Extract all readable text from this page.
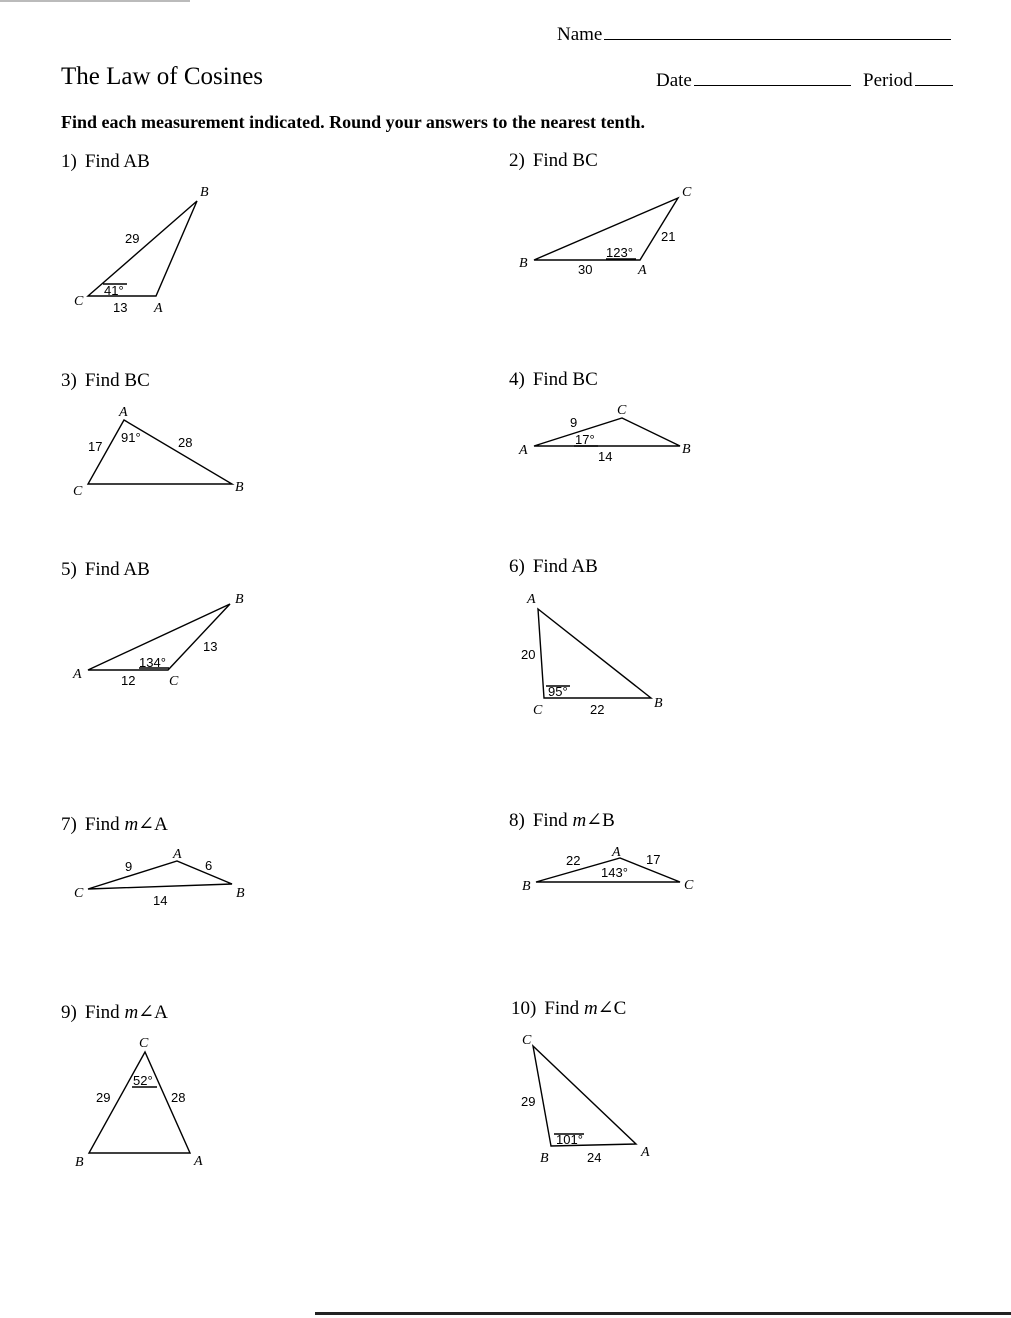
Name
The Law of Cosines	Date	Period
Find each measurement indicated. Round your answers to the nearest tenth.
1) Find AB	2) Find BC
3) Find BC	4) Find BC
5) Find AB	6) Find AB
7) Find m∠A	8) Find m∠B
9) Find m∠A	10) Find m∠C
B
C	A
29
41°
13
C
B	A
21
123°
30
A
C	B
17
91°	28
C
A	B
9
17°
14
B
A	C
13
134°
12
A
C	B
20
95°
22
A
C	B
9	6
14
A
B	C
22	17
143°
C
B	A
52°
29	28
C
B	A
29
101°
24
